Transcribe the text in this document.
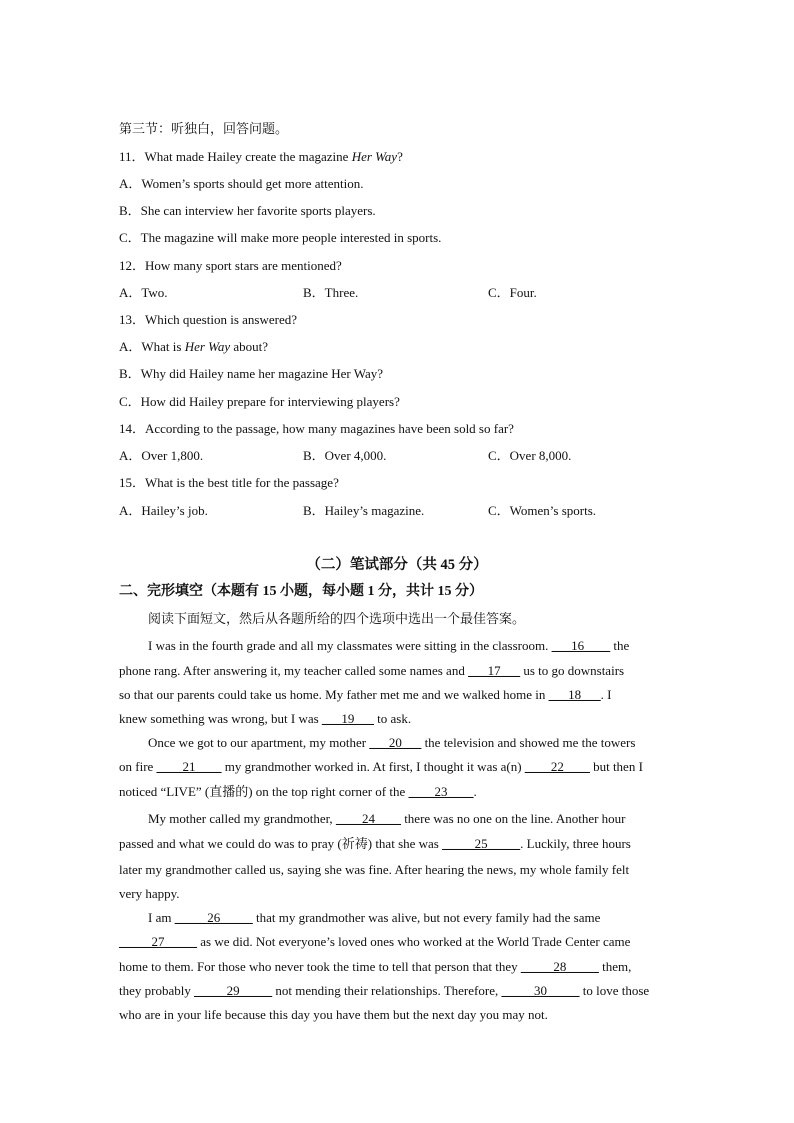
第三节：听独白，回答问题。
11．What made Hailey create the magazine Her Way?
A．Women’s sports should get more attention.
B．She can interview her favorite sports players.
C．The magazine will make more people interested in sports.
12．How many sport stars are mentioned?
A．Two.	B．Three.	C．Four.
13．Which question is answered?
A．What is Her Way about?
B．Why did Hailey name her magazine Her Way?
C．How did Hailey prepare for interviewing players?
14．According to the passage, how many magazines have been sold so far?
A．Over 1,800.	B．Over 4,000.	C．Over 8,000.
15．What is the best title for the passage?
A．Hailey’s job.	B．Hailey’s magazine.	C．Women’s sports.
（二）笔试部分（共 45 分）
二、完形填空（本题有 15 小题，每小题 1 分，共计 15 分）
阅读下面短文，然后从各题所给的四个选项中选出一个最佳答案。
I was in the fourth grade and all my classmates were sitting in the classroom. ___16____ the
phone rang. After answering it, my teacher called some names and ___17___ us to go downstairs
so that our parents could take us home. My father met me and we walked home in ___18___. I
knew something was wrong, but I was ___19___ to ask.
Once we got to our apartment, my mother ___20___ the television and showed me the towers
on fire ____21____ my grandmother worked in. At first, I thought it was a(n) ____22____ but then I
noticed “LIVE” (直播的) on the top right corner of the ____23____.
My mother called my grandmother, ____24____ there was no one on the line. Another hour
passed and what we could do was to pray (祈祷) that she was _____25_____. Luckily, three hours
later my grandmother called us, saying she was fine. After hearing the news, my whole family felt
very happy.
I am _____26_____ that my grandmother was alive, but not every family had the same
_____27_____ as we did. Not everyone’s loved ones who worked at the World Trade Center came
home to them. For those who never took the time to tell that person that they _____28_____ them,
they probably _____29_____ not mending their relationships. Therefore, _____30_____ to love those
who are in your life because this day you have them but the next day you may not.
